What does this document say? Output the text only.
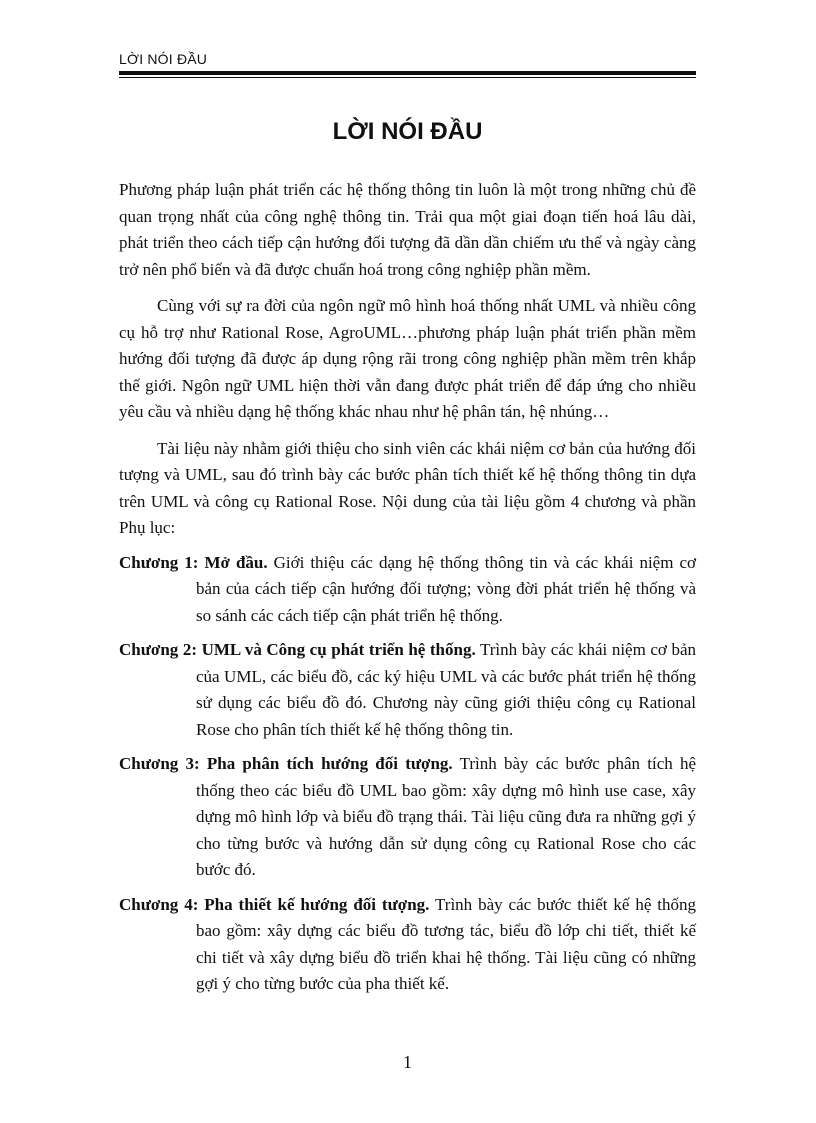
LỜI NÓI ĐẦU
LỜI NÓI ĐẦU

Phương pháp luận phát triển các hệ thống thông tin luôn là một trong những chủ đề quan trọng nhất của công nghệ thông tin. Trải qua một giai đoạn tiến hoá lâu dài, phát triển theo cách tiếp cận hướng đối tượng đã dần dần chiếm ưu thế và ngày càng trở nên phổ biến và đã được chuẩn hoá trong công nghiệp phần mềm.

Cùng với sự ra đời của ngôn ngữ mô hình hoá thống nhất UML và nhiều công cụ hỗ trợ như Rational Rose, AgroUML…phương pháp luận phát triển phần mềm hướng đối tượng đã được áp dụng rộng rãi trong công nghiệp phần mềm trên khắp thế giới. Ngôn ngữ UML hiện thời vẫn đang được phát triển để đáp ứng cho nhiều yêu cầu và nhiều dạng hệ thống khác nhau như hệ phân tán, hệ nhúng…

Tài liệu này nhằm giới thiệu cho sinh viên các khái niệm cơ bản của hướng đối tượng và UML, sau đó trình bày các bước phân tích thiết kế hệ thống thông tin dựa trên UML và công cụ Rational Rose. Nội dung của tài liệu gồm 4 chương và phần Phụ lục:

Chương 1: Mở đầu. Giới thiệu các dạng hệ thống thông tin và các khái niệm cơ bản của cách tiếp cận hướng đối tượng; vòng đời phát triển hệ thống và so sánh các cách tiếp cận phát triển hệ thống.
Chương 2: UML và Công cụ phát triển hệ thống. Trình bày các khái niệm cơ bản của UML, các biểu đồ, các ký hiệu UML và các bước phát triển hệ thống sử dụng các biểu đồ đó. Chương này cũng giới thiệu công cụ Rational Rose cho phân tích thiết kế hệ thống thông tin.
Chương 3: Pha phân tích hướng đối tượng. Trình bày các bước phân tích hệ thống theo các biểu đồ UML bao gồm: xây dựng mô hình use case, xây dựng mô hình lớp và biểu đồ trạng thái. Tài liệu cũng đưa ra những gợi ý cho từng bước và hướng dẫn sử dụng công cụ Rational Rose cho các bước đó.
Chương 4: Pha thiết kế hướng đối tượng. Trình bày các bước thiết kế hệ thống bao gồm: xây dựng các biểu đồ tương tác, biểu đồ lớp chi tiết, thiết kế chi tiết và xây dựng biểu đồ triển khai hệ thống. Tài liệu cũng có những gợi ý cho từng bước của pha thiết kế.
1
